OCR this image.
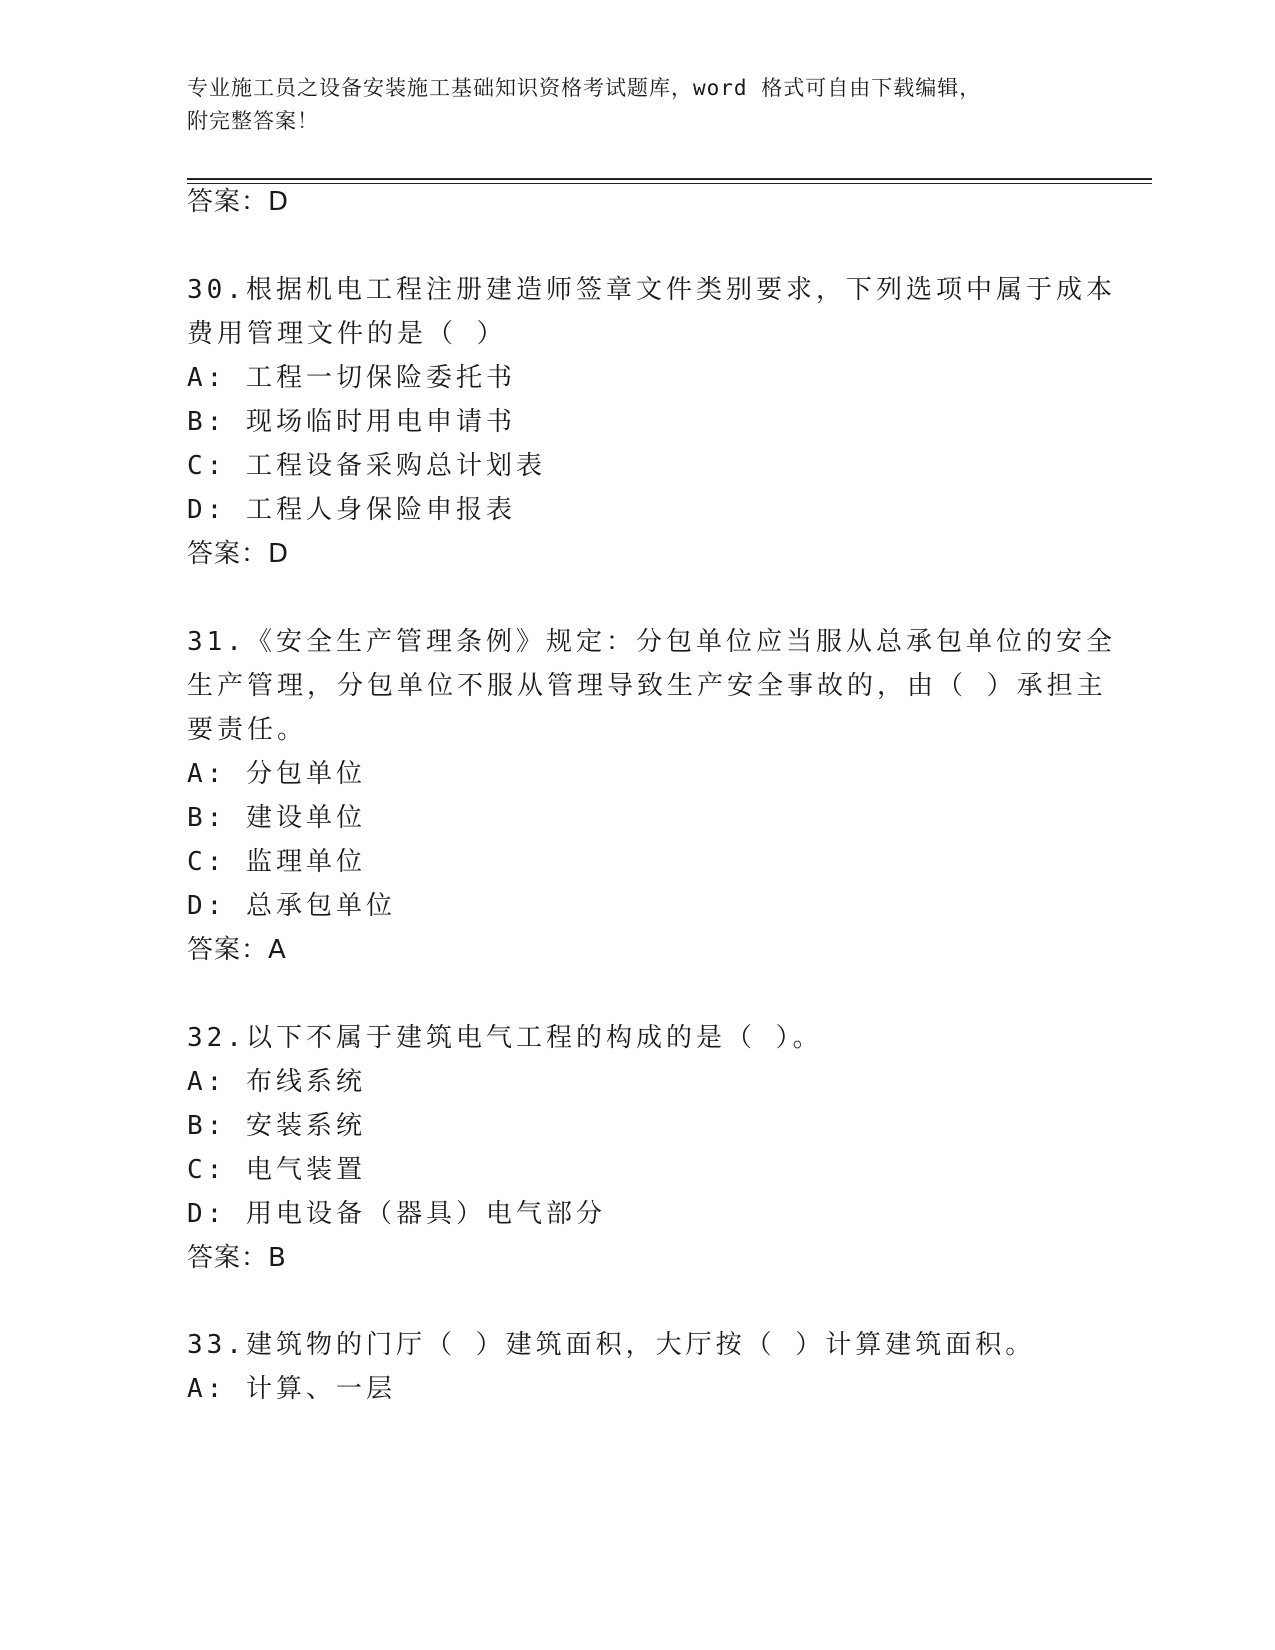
专业施工员之设备安装施工基础知识资格考试题库，word 格式可自由下载编辑，
附完整答案！
答案：D
30.根据机电工程注册建造师签章文件类别要求，下列选项中属于成本
费用管理文件的是（ ）
A: 工程一切保险委托书
B: 现场临时用电申请书
C: 工程设备采购总计划表
D: 工程人身保险申报表
答案：D
31.《安全生产管理条例》规定：分包单位应当服从总承包单位的安全
生产管理，分包单位不服从管理导致生产安全事故的，由（ ）承担主
要责任。
A: 分包单位
B: 建设单位
C: 监理单位
D: 总承包单位
答案：A
32.以下不属于建筑电气工程的构成的是（ ）。
A: 布线系统
B: 安装系统
C: 电气装置
D: 用电设备（器具）电气部分
答案：B
33.建筑物的门厅（ ）建筑面积，大厅按（ ）计算建筑面积。
A: 计算、一层
